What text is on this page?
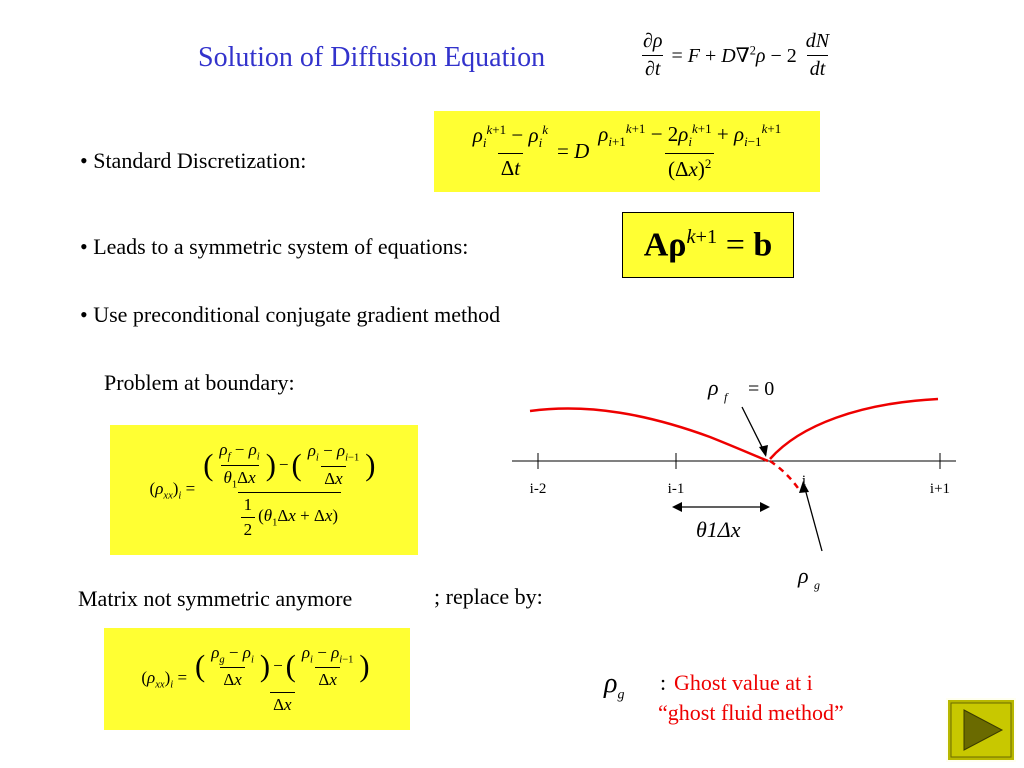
Solution of Diffusion Equation	$\frac{\partial\rho}{\partial t} = F + D\nabla^2\rho - 2 \frac{dN}{dt}$
• Standard Discretization:
• Leads to a symmetric system of equations:
• Use preconditional conjugate gradient method
$\frac{\rho_i^{k+1} - \rho_i^k}{\Delta t} = D \frac{\rho_{i+1}^{k+1} - 2\rho_i^{k+1} + \rho_{i-1}^{k+1}}{(\Delta x)^2}$
$A\rho^{k+1} = b$
Problem at boundary:
$(\rho_{xx})_i$ =
( $\frac{\rho_f - \rho_i}{\theta_1\Delta x}$ ) − ( $\frac{\rho_i - \rho_{i-1}}{\Delta x}$ )
$\frac{1}{2} (\theta_1\Delta x + \Delta x)$
Matrix not symmetric anymore	; replace by:
$(\rho_{xx})_i$ = ( $\frac{\rho_g - \rho_i}{\Delta x}$ ) − ( $\frac{\rho_i - \rho_{i-1}}{\Delta x}$ )
Δx
i-2	i-1	i	i+1
ρ f = 0
θ1Δx
ρ g
$\rho_g$
: Ghost value at i
“ghost fluid method”
